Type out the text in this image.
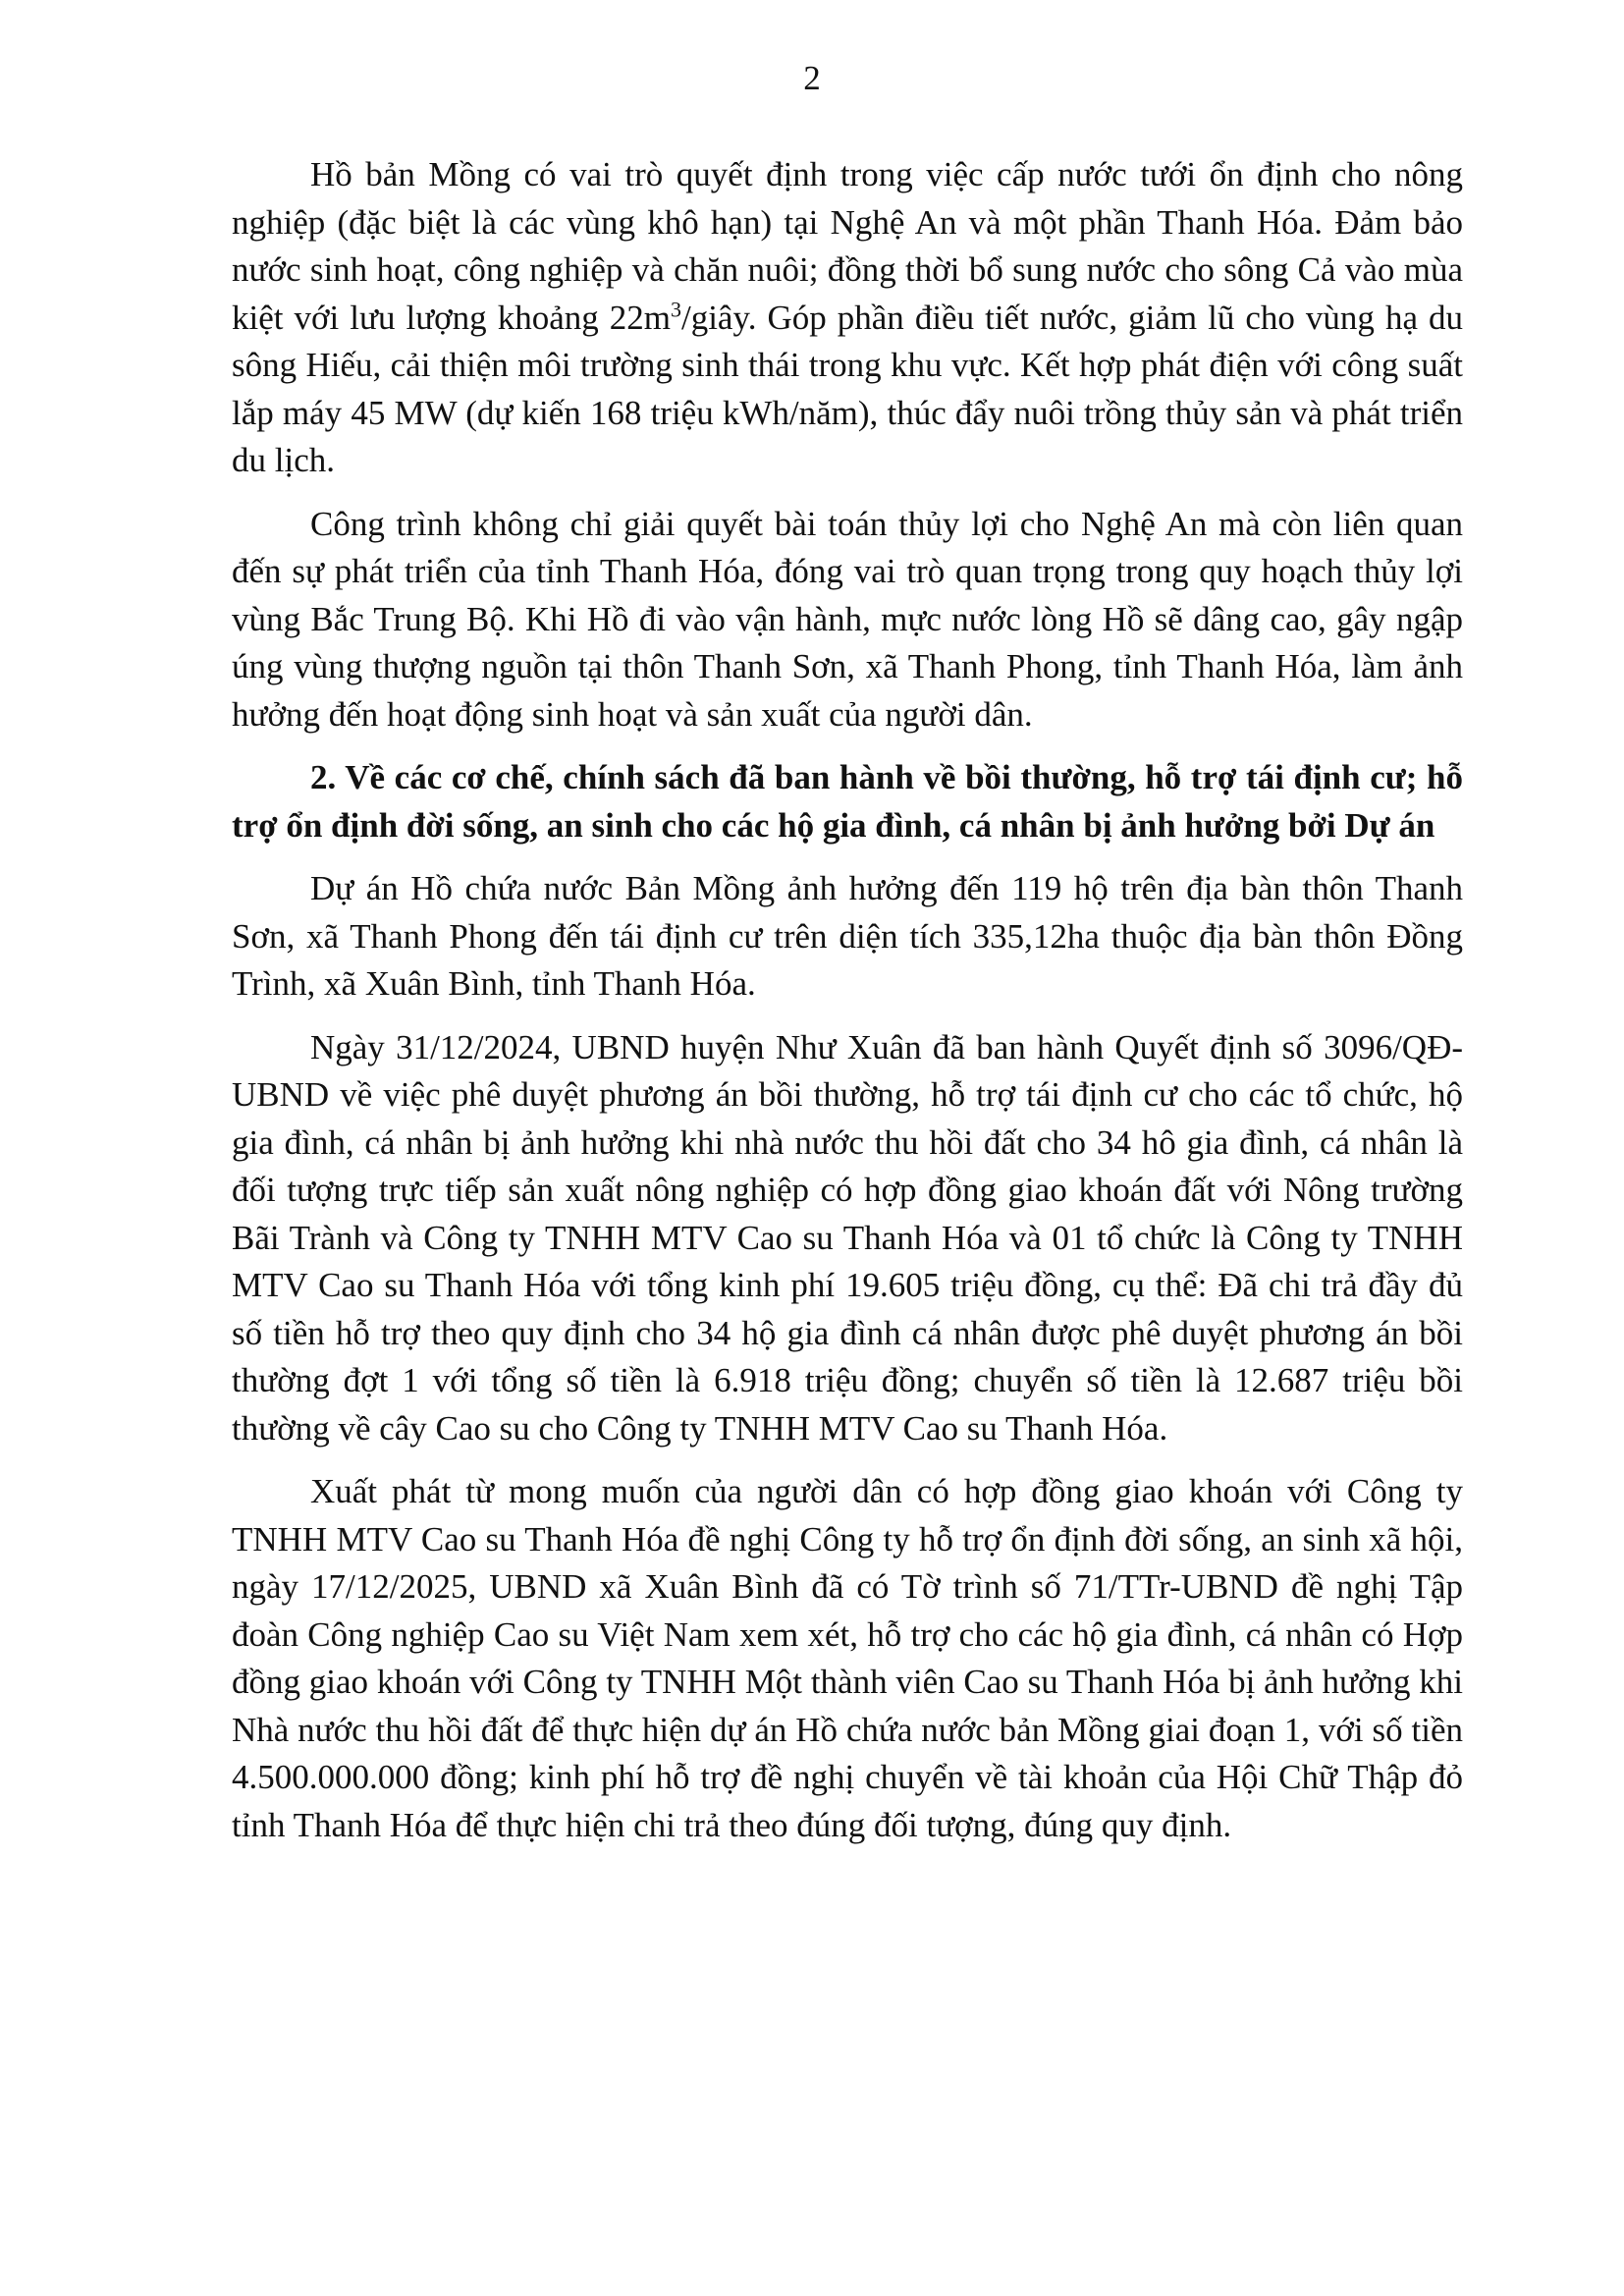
2

Hồ bản Mồng có vai trò quyết định trong việc cấp nước tưới ổn định cho nông nghiệp (đặc biệt là các vùng khô hạn) tại Nghệ An và một phần Thanh Hóa. Đảm bảo nước sinh hoạt, công nghiệp và chăn nuôi; đồng thời bổ sung nước cho sông Cả vào mùa kiệt với lưu lượng khoảng $22m^3$/giây. Góp phần điều tiết nước, giảm lũ cho vùng hạ du sông Hiếu, cải thiện môi trường sinh thái trong khu vực. Kết hợp phát điện với công suất lắp máy 45 MW (dự kiến 168 triệu kWh/năm), thúc đẩy nuôi trồng thủy sản và phát triển du lịch.

Công trình không chỉ giải quyết bài toán thủy lợi cho Nghệ An mà còn liên quan đến sự phát triển của tỉnh Thanh Hóa, đóng vai trò quan trọng trong quy hoạch thủy lợi vùng Bắc Trung Bộ. Khi Hồ đi vào vận hành, mực nước lòng Hồ sẽ dâng cao, gây ngập úng vùng thượng nguồn tại thôn Thanh Sơn, xã Thanh Phong, tỉnh Thanh Hóa, làm ảnh hưởng đến hoạt động sinh hoạt và sản xuất của người dân.

2. Về các cơ chế, chính sách đã ban hành về bồi thường, hỗ trợ tái định cư; hỗ trợ ổn định đời sống, an sinh cho các hộ gia đình, cá nhân bị ảnh hưởng bởi Dự án

Dự án Hồ chứa nước Bản Mồng ảnh hưởng đến 119 hộ trên địa bàn thôn Thanh Sơn, xã Thanh Phong đến tái định cư trên diện tích 335,12ha thuộc địa bàn thôn Đồng Trình, xã Xuân Bình, tỉnh Thanh Hóa.

Ngày 31/12/2024, UBND huyện Như Xuân đã ban hành Quyết định số 3096/QĐ-UBND về việc phê duyệt phương án bồi thường, hỗ trợ tái định cư cho các tổ chức, hộ gia đình, cá nhân bị ảnh hưởng khi nhà nước thu hồi đất cho 34 hô gia đình, cá nhân là đối tượng trực tiếp sản xuất nông nghiệp có hợp đồng giao khoán đất với Nông trường Bãi Trành và Công ty TNHH MTV Cao su Thanh Hóa và 01 tổ chức là Công ty TNHH MTV Cao su Thanh Hóa với tổng kinh phí 19.605 triệu đồng, cụ thể: Đã chi trả đầy đủ số tiền hỗ trợ theo quy định cho 34 hộ gia đình cá nhân được phê duyệt phương án bồi thường đợt 1 với tổng số tiền là 6.918 triệu đồng; chuyển số tiền là 12.687 triệu bồi thường về cây Cao su cho Công ty TNHH MTV Cao su Thanh Hóa.

Xuất phát từ mong muốn của người dân có hợp đồng giao khoán với Công ty TNHH MTV Cao su Thanh Hóa đề nghị Công ty hỗ trợ ổn định đời sống, an sinh xã hội, ngày 17/12/2025, UBND xã Xuân Bình đã có Tờ trình số 71/TTr-UBND đề nghị Tập đoàn Công nghiệp Cao su Việt Nam xem xét, hỗ trợ cho các hộ gia đình, cá nhân có Hợp đồng giao khoán với Công ty TNHH Một thành viên Cao su Thanh Hóa bị ảnh hưởng khi Nhà nước thu hồi đất để thực hiện dự án Hồ chứa nước bản Mồng giai đoạn 1, với số tiền 4.500.000.000 đồng; kinh phí hỗ trợ đề nghị chuyển về tài khoản của Hội Chữ Thập đỏ tỉnh Thanh Hóa để thực hiện chi trả theo đúng đối tượng, đúng quy định.
